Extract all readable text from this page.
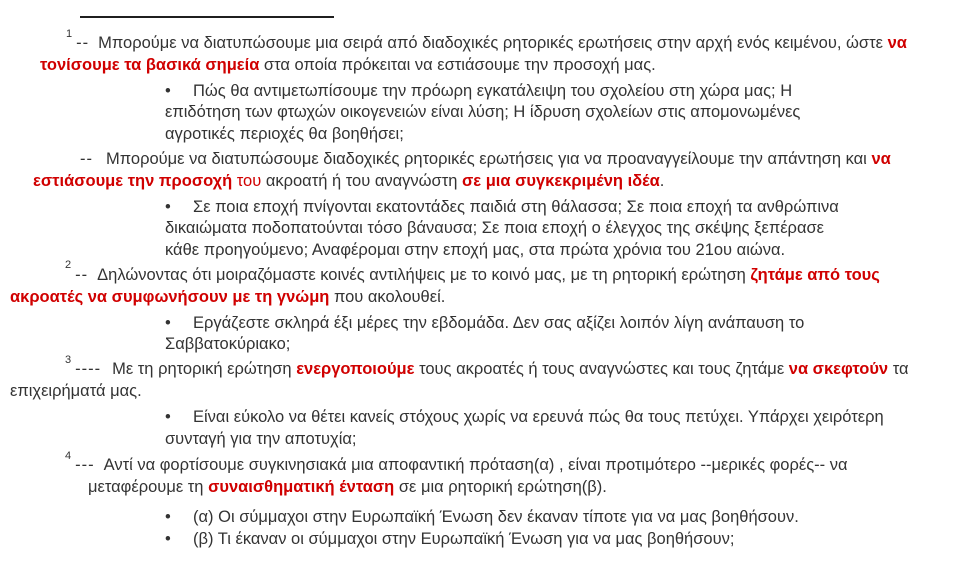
$^1$-- Μπορούμε να διατυπώσουμε μια σειρά από διαδοχικές ρητορικές ερωτήσεις στην αρχή ενός κειμένου, ώστε να τονίσουμε τα βασικά σημεία στα οποία πρόκειται να εστιάσουμε την προσοχή μας.
• Πώς θα αντιμετωπίσουμε την πρόωρη εγκατάλειψη του σχολείου στη χώρα μας; Η επιδότηση των φτωχών οικογενειών είναι λύση; Η ίδρυση σχολείων στις απομονωμένες αγροτικές περιοχές θα βοηθήσει;
-- Μπορούμε να διατυπώσουμε διαδοχικές ρητορικές ερωτήσεις για να προαναγγείλουμε την απάντηση και να εστιάσουμε την προσοχή του ακροατή ή του αναγνώστη σε μια συγκεκριμένη ιδέα.
• Σε ποια εποχή πνίγονται εκατοντάδες παιδιά στη θάλασσα; Σε ποια εποχή τα ανθρώπινα δικαιώματα ποδοπατούνται τόσο βάναυσα; Σε ποια εποχή ο έλεγχος της σκέψης ξεπέρασε κάθε προηγούμενο; Αναφέρομαι στην εποχή μας, στα πρώτα χρόνια του 21ου αιώνα.
$^2$-- Δηλώνοντας ότι μοιραζόμαστε κοινές αντιλήψεις με το κοινό μας, με τη ρητορική ερώτηση ζητάμε από τους ακροατές να συμφωνήσουν με τη γνώμη που ακολουθεί.
• Εργάζεστε σκληρά έξι μέρες την εβδομάδα. Δεν σας αξίζει λοιπόν λίγη ανάπαυση το Σαββατοκύριακο;
$^3$---- Με τη ρητορική ερώτηση ενεργοποιούμε τους ακροατές ή τους αναγνώστες και τους ζητάμε να σκεφτούν τα επιχειρήματά μας.
• Είναι εύκολο να θέτει κανείς στόχους χωρίς να ερευνά πώς θα τους πετύχει. Υπάρχει χειρότερη συνταγή για την αποτυχία;
$^4$--- Αντί να φορτίσουμε συγκινησιακά μια αποφαντική πρόταση(α) , είναι προτιμότερο --μερικές φορές-- να μεταφέρουμε τη συναισθηματική ένταση σε μια ρητορική ερώτηση(β).
• (α) Οι σύμμαχοι στην Ευρωπαϊκή Ένωση δεν έκαναν τίποτε για να μας βοηθήσουν.
• (β) Τι έκαναν οι σύμμαχοι στην Ευρωπαϊκή Ένωση για να μας βοηθήσουν;
